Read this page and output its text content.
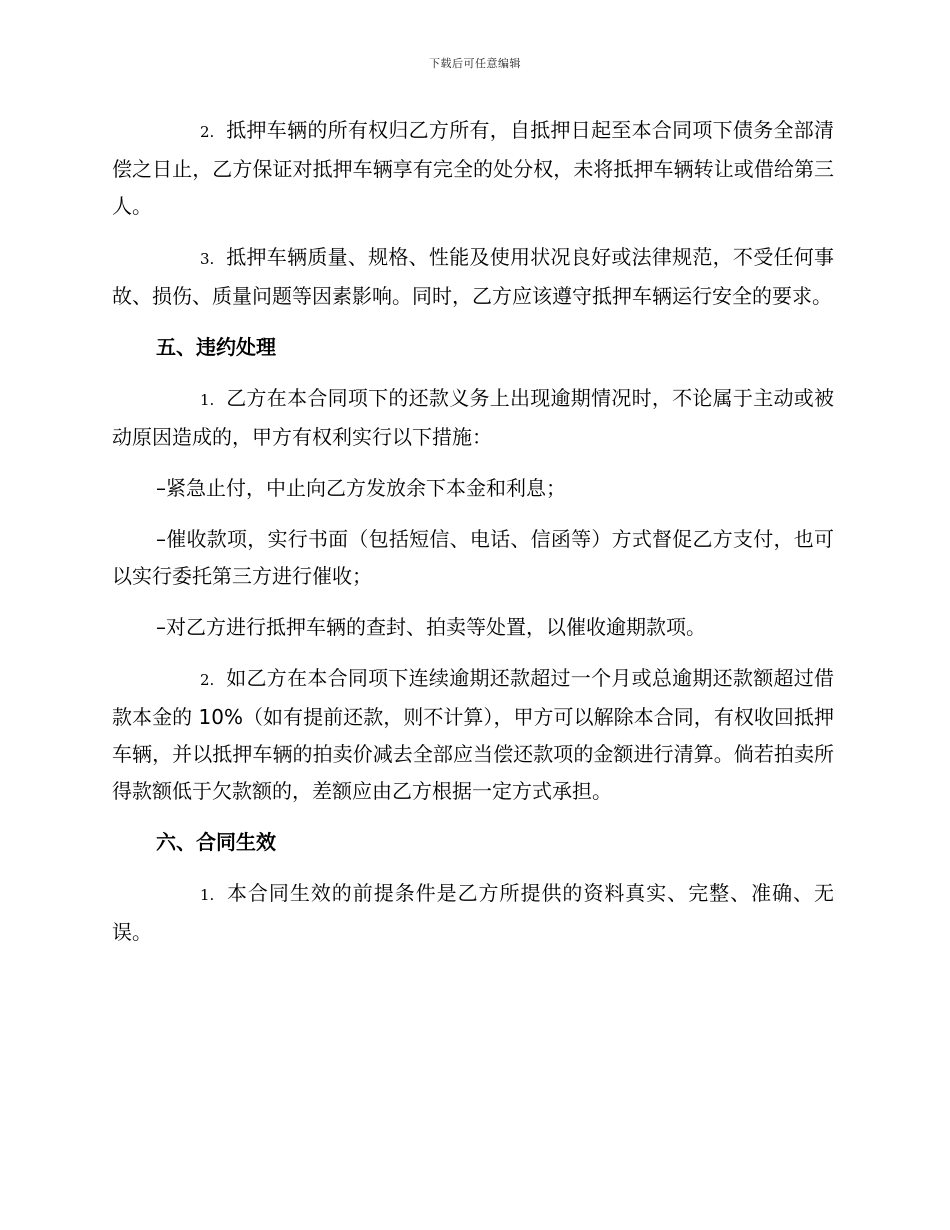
下载后可任意编辑

2. 抵押车辆的所有权归乙方所有，自抵押日起至本合同项下债务全部清偿之日止，乙方保证对抵押车辆享有完全的处分权，未将抵押车辆转让或借给第三人。

3. 抵押车辆质量、规格、性能及使用状况良好或法律规范，不受任何事故、损伤、质量问题等因素影响。同时，乙方应该遵守抵押车辆运行安全的要求。

五、违约处理

1. 乙方在本合同项下的还款义务上出现逾期情况时，不论属于主动或被动原因造成的，甲方有权利实行以下措施：

–紧急止付，中止向乙方发放余下本金和利息；

–催收款项，实行书面（包括短信、电话、信函等）方式督促乙方支付，也可以实行委托第三方进行催收；

–对乙方进行抵押车辆的查封、拍卖等处置，以催收逾期款项。

2. 如乙方在本合同项下连续逾期还款超过一个月或总逾期还款额超过借款本金的 10%（如有提前还款，则不计算），甲方可以解除本合同，有权收回抵押车辆，并以抵押车辆的拍卖价减去全部应当偿还款项的金额进行清算。倘若拍卖所得款额低于欠款额的，差额应由乙方根据一定方式承担。

六、合同生效

1. 本合同生效的前提条件是乙方所提供的资料真实、完整、准确、无误。
